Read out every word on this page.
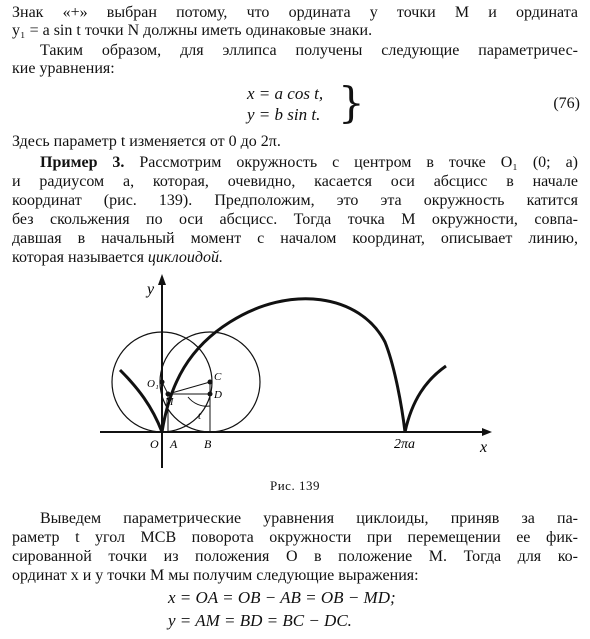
Знак «+» выбран потому, что ордината y точки M и ордината
y₁ = a sin t точки N должны иметь одинаковые знаки.
Таким образом, для эллипса получены следующие параметричес-
кие уравнения:
x = a cos t,
y = b sin t. }	(76)
Здесь параметр t изменяется от 0 до 2π.
Пример 3. Рассмотрим окружность с центром в точке O₁ (0; a)
и радиусом a, которая, очевидно, касается оси абсцисс в начале
координат (рис. 139). Предположим, это эта окружность катится
без скольжения по оси абсцисс. Тогда точка M окружности, совпа-
давшая в начальный момент с началом координат, описывает линию,
которая называется циклоидой.
y
x
O₁
M
C
D
t
O A B	2πa
Рис. 139
Выведем параметрические уравнения циклоиды, приняв за па-
раметр t угол MCB поворота окружности при перемещении ее фик-
сированной точки из положения O в положение M. Тогда для ко-
ординат x и y точки M мы получим следующие выражения:
x = OA = OB − AB = OB − MD;
y = AM = BD = BC − DC.
